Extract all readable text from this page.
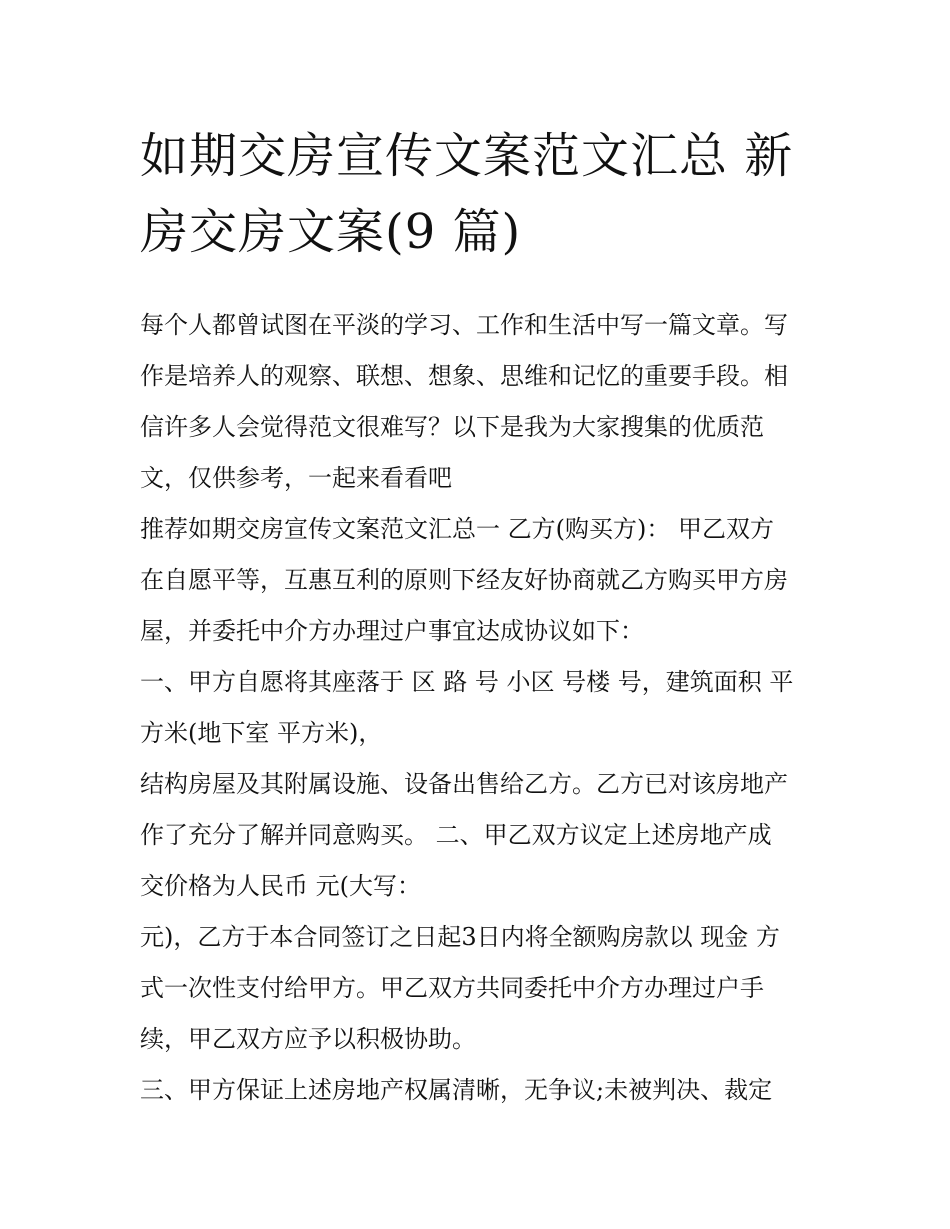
如期交房宣传文案范文汇总 新
房交房文案(9 篇)

每个人都曾试图在平淡的学习、工作和生活中写一篇文章。写
作是培养人的观察、联想、想象、思维和记忆的重要手段。相
信许多人会觉得范文很难写？以下是我为大家搜集的优质范
文，仅供参考，一起来看看吧

推荐如期交房宣传文案范文汇总一 乙方(购买方)： 甲乙双方
在自愿平等，互惠互利的原则下经友好协商就乙方购买甲方房
屋，并委托中介方办理过户事宜达成协议如下：

一、甲方自愿将其座落于 区 路 号 小区 号楼 号，建筑面积 平
方米(地下室 平方米)，

结构房屋及其附属设施、设备出售给乙方。乙方已对该房地产
作了充分了解并同意购买。 二、甲乙双方议定上述房地产成
交价格为人民币 元(大写：

元)，乙方于本合同签订之日起3日内将全额购房款以 现金 方
式一次性支付给甲方。甲乙双方共同委托中介方办理过户手
续，甲乙双方应予以积极协助。

三、甲方保证上述房地产权属清晰，无争议;未被判决、裁定
